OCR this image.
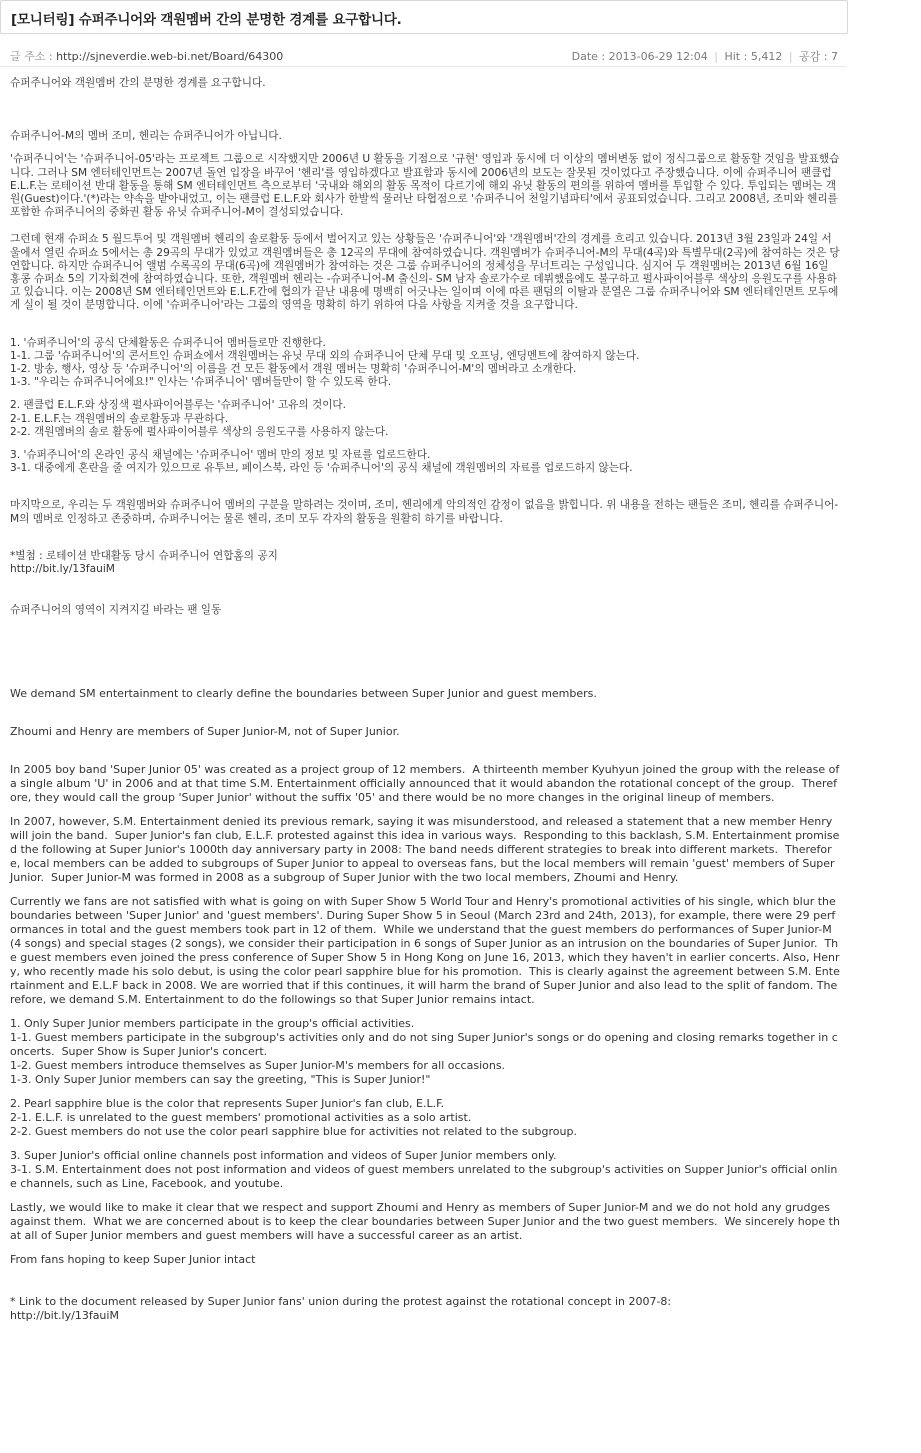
[모니터링] 슈퍼주니어와 객원멤버 간의 분명한 경계를 요구합니다.
글 주소 : http://sjneverdie.web-bi.net/Board/64300	Date : 2013-06-29 12:04 | Hit : 5,412 | 공감 : 7

슈퍼주니어와 객원멤버 간의 분명한 경계를 요구합니다.

슈퍼주니어-M의 멤버 조미, 헨리는 슈퍼주니어가 아닙니다.

'슈퍼주니어'는 '슈퍼주니어-05'라는 프로젝트 그룹으로 시작했지만 2006년 U 활동을 기점으로 '규현' 영입과 동시에 더 이상의 멤버변동 없이 정식그룹으로 활동할 것임을 발표했습니다. 그러나 SM 엔터테인먼트는 2007년 돌연 입장을 바꾸어 '헨리'를 영입하겠다고 발표함과 동시에 2006년의 보도는 잘못된 것이었다고 주장했습니다. 이에 슈퍼주니어 팬클럽 E.L.F.는 로테이션 반대 활동을 통해 SM 엔터테인먼트 측으로부터 '국내와 해외의 활동 목적이 다르기에 해외 유닛 활동의 편의를 위하여 멤버를 투입할 수 있다. 투입되는 멤버는 객원(Guest)이다.'(*)라는 약속을 받아내었고, 이는 팬클럽 E.L.F.와 회사가 한발씩 물러난 타협점으로 '슈퍼주니어 천일기념파티'에서 공표되었습니다. 그리고 2008년, 조미와 헨리를 포함한 슈퍼주니어의 중화권 활동 유닛 슈퍼주니어-M이 결성되었습니다.

그런데 현재 슈퍼쇼 5 월드투어 및 객원멤버 헨리의 솔로활동 등에서 벌어지고 있는 상황들은 '슈퍼주니어'와 '객원멤버'간의 경계를 흐리고 있습니다. 2013년 3월 23일과 24일 서울에서 열린 슈퍼쇼 5에서는 총 29곡의 무대가 있었고 객원멤버들은 총 12곡의 무대에 참여하였습니다. 객원멤버가 슈퍼주니어-M의 무대(4곡)와 특별무대(2곡)에 참여하는 것은 당연합니다. 하지만 슈퍼주니어 앨범 수록곡의 무대(6곡)에 객원멤버가 참여하는 것은 그룹 슈퍼주니어의 정체성을 무너트리는 구성입니다. 심지어 두 객원멤버는 2013년 6월 16일 홍콩 슈퍼쇼 5의 기자회견에 참여하였습니다. 또한, 객원멤버 헨리는 -슈퍼주니어-M 출신의- SM 남자 솔로가수로 데뷔했음에도 불구하고 펄사파이어블루 색상의 응원도구를 사용하고 있습니다. 이는 2008년 SM 엔터테인먼트와 E.L.F.간에 협의가 끝난 내용에 명백히 어긋나는 일이며 이에 따른 팬덤의 이탈과 분열은 그룹 슈퍼주니어와 SM 엔터테인먼트 모두에게 실이 될 것이 분명합니다. 이에 '슈퍼주니어'라는 그룹의 영역을 명확히 하기 위하여 다음 사항을 지켜줄 것을 요구합니다.

1. '슈퍼주니어'의 공식 단체활동은 슈퍼주니어 멤버들로만 진행한다.
1-1. 그룹 '슈퍼주니어'의 콘서트인 슈퍼쇼에서 객원멤버는 유닛 무대 외의 슈퍼주니어 단체 무대 및 오프닝, 엔딩멘트에 참여하지 않는다.
1-2. 방송, 행사, 영상 등 '슈퍼주니어'의 이름을 건 모든 활동에서 객원 멤버는 명확히 '슈퍼주니어-M'의 멤버라고 소개한다.
1-3. "우리는 슈퍼주니어에요!" 인사는 '슈퍼주니어' 멤버들만이 할 수 있도록 한다.

2. 팬클럽 E.L.F.와 상징색 펄사파이어블루는 '슈퍼주니어' 고유의 것이다.
2-1. E.L.F.는 객원멤버의 솔로활동과 무관하다.
2-2. 객원멤버의 솔로 활동에 펄사파이어블루 색상의 응원도구를 사용하지 않는다.

3. '슈퍼주니어'의 온라인 공식 채널에는 '슈퍼주니어' 멤버 만의 정보 및 자료를 업로드한다.
3-1. 대중에게 혼란을 줄 여지가 있으므로 유투브, 페이스북, 라인 등 '슈퍼주니어'의 공식 채널에 객원멤버의 자료를 업로드하지 않는다.

마지막으로, 우리는 두 객원멤버와 슈퍼주니어 멤버의 구분을 말하려는 것이며, 조미, 헨리에게 악의적인 감정이 없음을 밝힙니다. 위 내용을 전하는 팬들은 조미, 헨리를 슈퍼주니어-M의 멤버로 인정하고 존중하며, 슈퍼주니어는 물론 헨리, 조미 모두 각자의 활동을 원활히 하기를 바랍니다.

*별첨 : 로테이션 반대활동 당시 슈퍼주니어 연합홈의 공지

http://bit.ly/13fauiM

슈퍼주니어의 영역이 지켜지길 바라는 팬 일동

We demand SM entertainment to clearly define the boundaries between Super Junior and guest members.

Zhoumi and Henry are members of Super Junior-M, not of Super Junior.

In 2005 boy band 'Super Junior 05' was created as a project group of 12 members.  A thirteenth member Kyuhyun joined the group with the release of a single album 'U' in 2006 and at that time S.M. Entertainment officially announced that it would abandon the rotational concept of the group.  Therefore, they would call the group 'Super Junior' without the suffix '05' and there would be no more changes in the original lineup of members.

In 2007, however, S.M. Entertainment denied its previous remark, saying it was misunderstood, and released a statement that a new member Henry will join the band.  Super Junior's fan club, E.L.F. protested against this idea in various ways.  Responding to this backlash, S.M. Entertainment promised the following at Super Junior's 1000th day anniversary party in 2008: The band needs different strategies to break into different markets.  Therefore, local members can be added to subgroups of Super Junior to appeal to overseas fans, but the local members will remain 'guest' members of Super Junior.  Super Junior-M was formed in 2008 as a subgroup of Super Junior with the two local members, Zhoumi and Henry.

Currently we fans are not satisfied with what is going on with Super Show 5 World Tour and Henry's promotional activities of his single, which blur the boundaries between 'Super Junior' and 'guest members'. During Super Show 5 in Seoul (March 23rd and 24th, 2013), for example, there were 29 performances in total and the guest members took part in 12 of them.  While we understand that the guest members do performances of Super Junior-M (4 songs) and special stages (2 songs), we consider their participation in 6 songs of Super Junior as an intrusion on the boundaries of Super Junior.  The guest members even joined the press conference of Super Show 5 in Hong Kong on June 16, 2013, which they haven't in earlier concerts. Also, Henry, who recently made his solo debut, is using the color pearl sapphire blue for his promotion.  This is clearly against the agreement between S.M. Entertainment and E.L.F back in 2008. We are worried that if this continues, it will harm the brand of Super Junior and also lead to the split of fandom. Therefore, we demand S.M. Entertainment to do the followings so that Super Junior remains intact.

1. Only Super Junior members participate in the group's official activities.
1-1. Guest members participate in the subgroup's activities only and do not sing Super Junior's songs or do opening and closing remarks together in concerts.  Super Show is Super Junior's concert.
1-2. Guest members introduce themselves as Super Junior-M's members for all occasions.
1-3. Only Super Junior members can say the greeting, "This is Super Junior!"

2. Pearl sapphire blue is the color that represents Super Junior's fan club, E.L.F.
2-1. E.L.F. is unrelated to the guest members' promotional activities as a solo artist.
2-2. Guest members do not use the color pearl sapphire blue for activities not related to the subgroup.

3. Super Junior's official online channels post information and videos of Super Junior members only.
3-1. S.M. Entertainment does not post information and videos of guest members unrelated to the subgroup's activities on Supper Junior's official online channels, such as Line, Facebook, and youtube.

Lastly, we would like to make it clear that we respect and support Zhoumi and Henry as members of Super Junior-M and we do not hold any grudges against them.  What we are concerned about is to keep the clear boundaries between Super Junior and the two guest members.  We sincerely hope that all of Super Junior members and guest members will have a successful career as an artist.

From fans hoping to keep Super Junior intact

* Link to the document released by Super Junior fans' union during the protest against the rotational concept in 2007-8:

http://bit.ly/13fauiM
